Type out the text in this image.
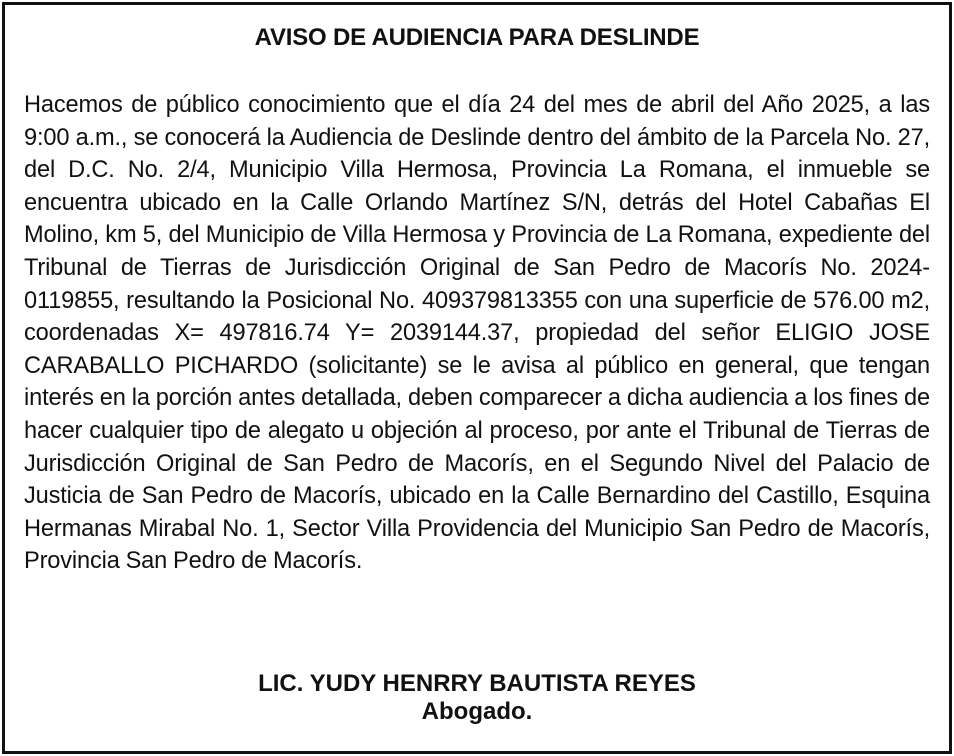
AVISO DE AUDIENCIA PARA DESLINDE

Hacemos de público conocimiento que el día 24 del mes de abril del Año 2025, a las 9:00 a.m., se conocerá la Audiencia de Deslinde dentro del ámbito de la Parcela No. 27, del D.C. No. 2/4, Municipio Villa Hermosa, Provincia La Romana, el inmueble se encuentra ubicado en la Calle Orlando Martínez S/N, detrás del Hotel Cabañas El Molino, km 5, del Municipio de Villa Hermosa y Provincia de La Romana, expediente del Tribunal de Tierras de Jurisdicción Original de San Pedro de Macorís No. 2024-0119855, resultando la Posicional No. 409379813355 con una superficie de 576.00 m2, coordenadas X= 497816.74 Y= 2039144.37, propiedad del señor ELIGIO JOSE CARABALLO PICHARDO (solicitante) se le avisa al público en general, que tengan interés en la porción antes detallada, deben comparecer a dicha audiencia a los fines de hacer cualquier tipo de alegato u objeción al proceso, por ante el Tribunal de Tierras de Jurisdicción Original de San Pedro de Macorís, en el Segundo Nivel del Palacio de Justicia de San Pedro de Macorís, ubicado en la Calle Bernardino del Castillo, Esquina Hermanas Mirabal No. 1, Sector Villa Providencia del Municipio San Pedro de Macorís, Provincia San Pedro de Macorís.

LIC. YUDY HENRRY BAUTISTA REYES
Abogado.
